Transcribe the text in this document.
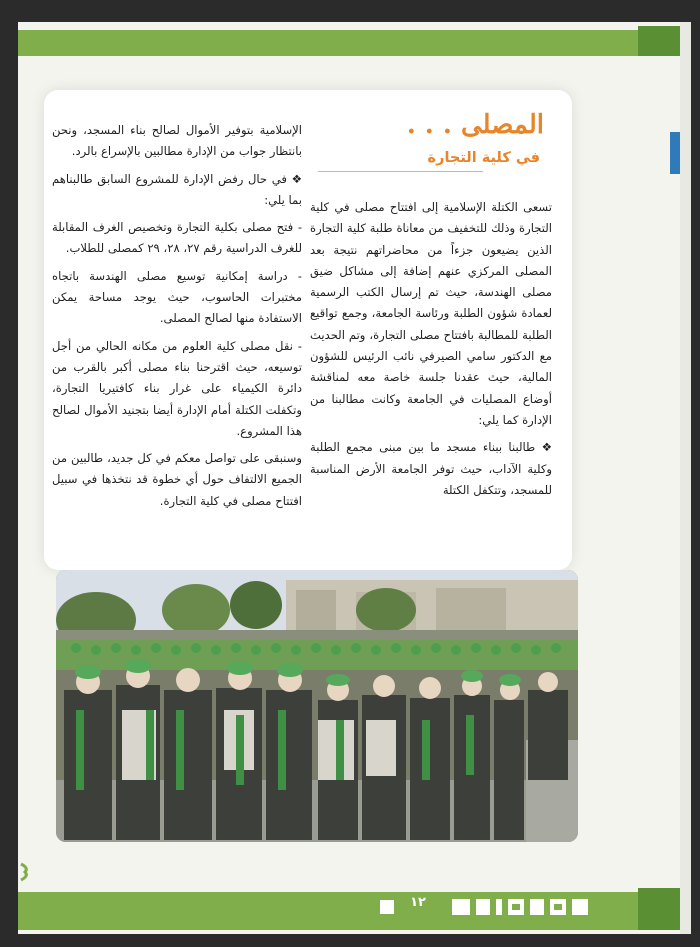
المصلى . . .
في كلية التجارة

تسعى الكتلة الإسلامية إلى افتتاح مصلى في كلية التجارة وذلك للتخفيف من معاناة طلبة كلية التجارة الذين يضيعون جزءاً من محاضراتهم نتيجة بعد المصلى المركزي عنهم إضافة إلى مشاكل ضيق مصلى الهندسة، حيث تم إرسال الكتب الرسمية لعمادة شؤون الطلبة ورئاسة الجامعة، وجمع تواقيع الطلبة للمطالبة بافتتاح مصلى التجارة، وتم الحديث مع الدكتور سامي الصيرفي نائب الرئيس للشؤون المالية، حيث عقدنا جلسة خاصة معه لمناقشة أوضاع المصليات في الجامعة وكانت مطالبنا من الإدارة كما يلي:

❖ طالبنا ببناء مسجد ما بين مبنى مجمع الطلبة وكلية الآداب، حيث توفر الجامعة الأرض المناسبة للمسجد، وتتكفل الكتلة

الإسلامية بتوفير الأموال لصالح بناء المسجد، ونحن بانتظار جواب من الإدارة مطالبين بالإسراع بالرد.

❖ في حال رفض الإدارة للمشروع السابق طالبناهم بما يلي:

- فتح مصلى بكلية التجارة وتخصيص الغرف المقابلة للغرف الدراسية رقم ٢٧، ٢٨، ٢٩ كمصلى للطلاب.

- دراسة إمكانية توسيع مصلى الهندسة باتجاه مختبرات الحاسوب، حيث يوجد مساحة يمكن الاستفادة منها لصالح المصلى.

- نقل مصلى كلية العلوم من مكانه الحالي من أجل توسيعه، حيث اقترحنا بناء مصلى أكبر بالقرب من دائرة الكيمياء على غرار بناء كافتيريا التجارة، وتكفلت الكتلة أمام الإدارة أيضا بتجنيد الأموال لصالح هذا المشروع.

وسنبقى على تواصل معكم في كل جديد، طالبين من الجميع الالتفاف حول أي خطوة قد نتخذها في سبيل افتتاح مصلى في كلية التجارة.

١٢
